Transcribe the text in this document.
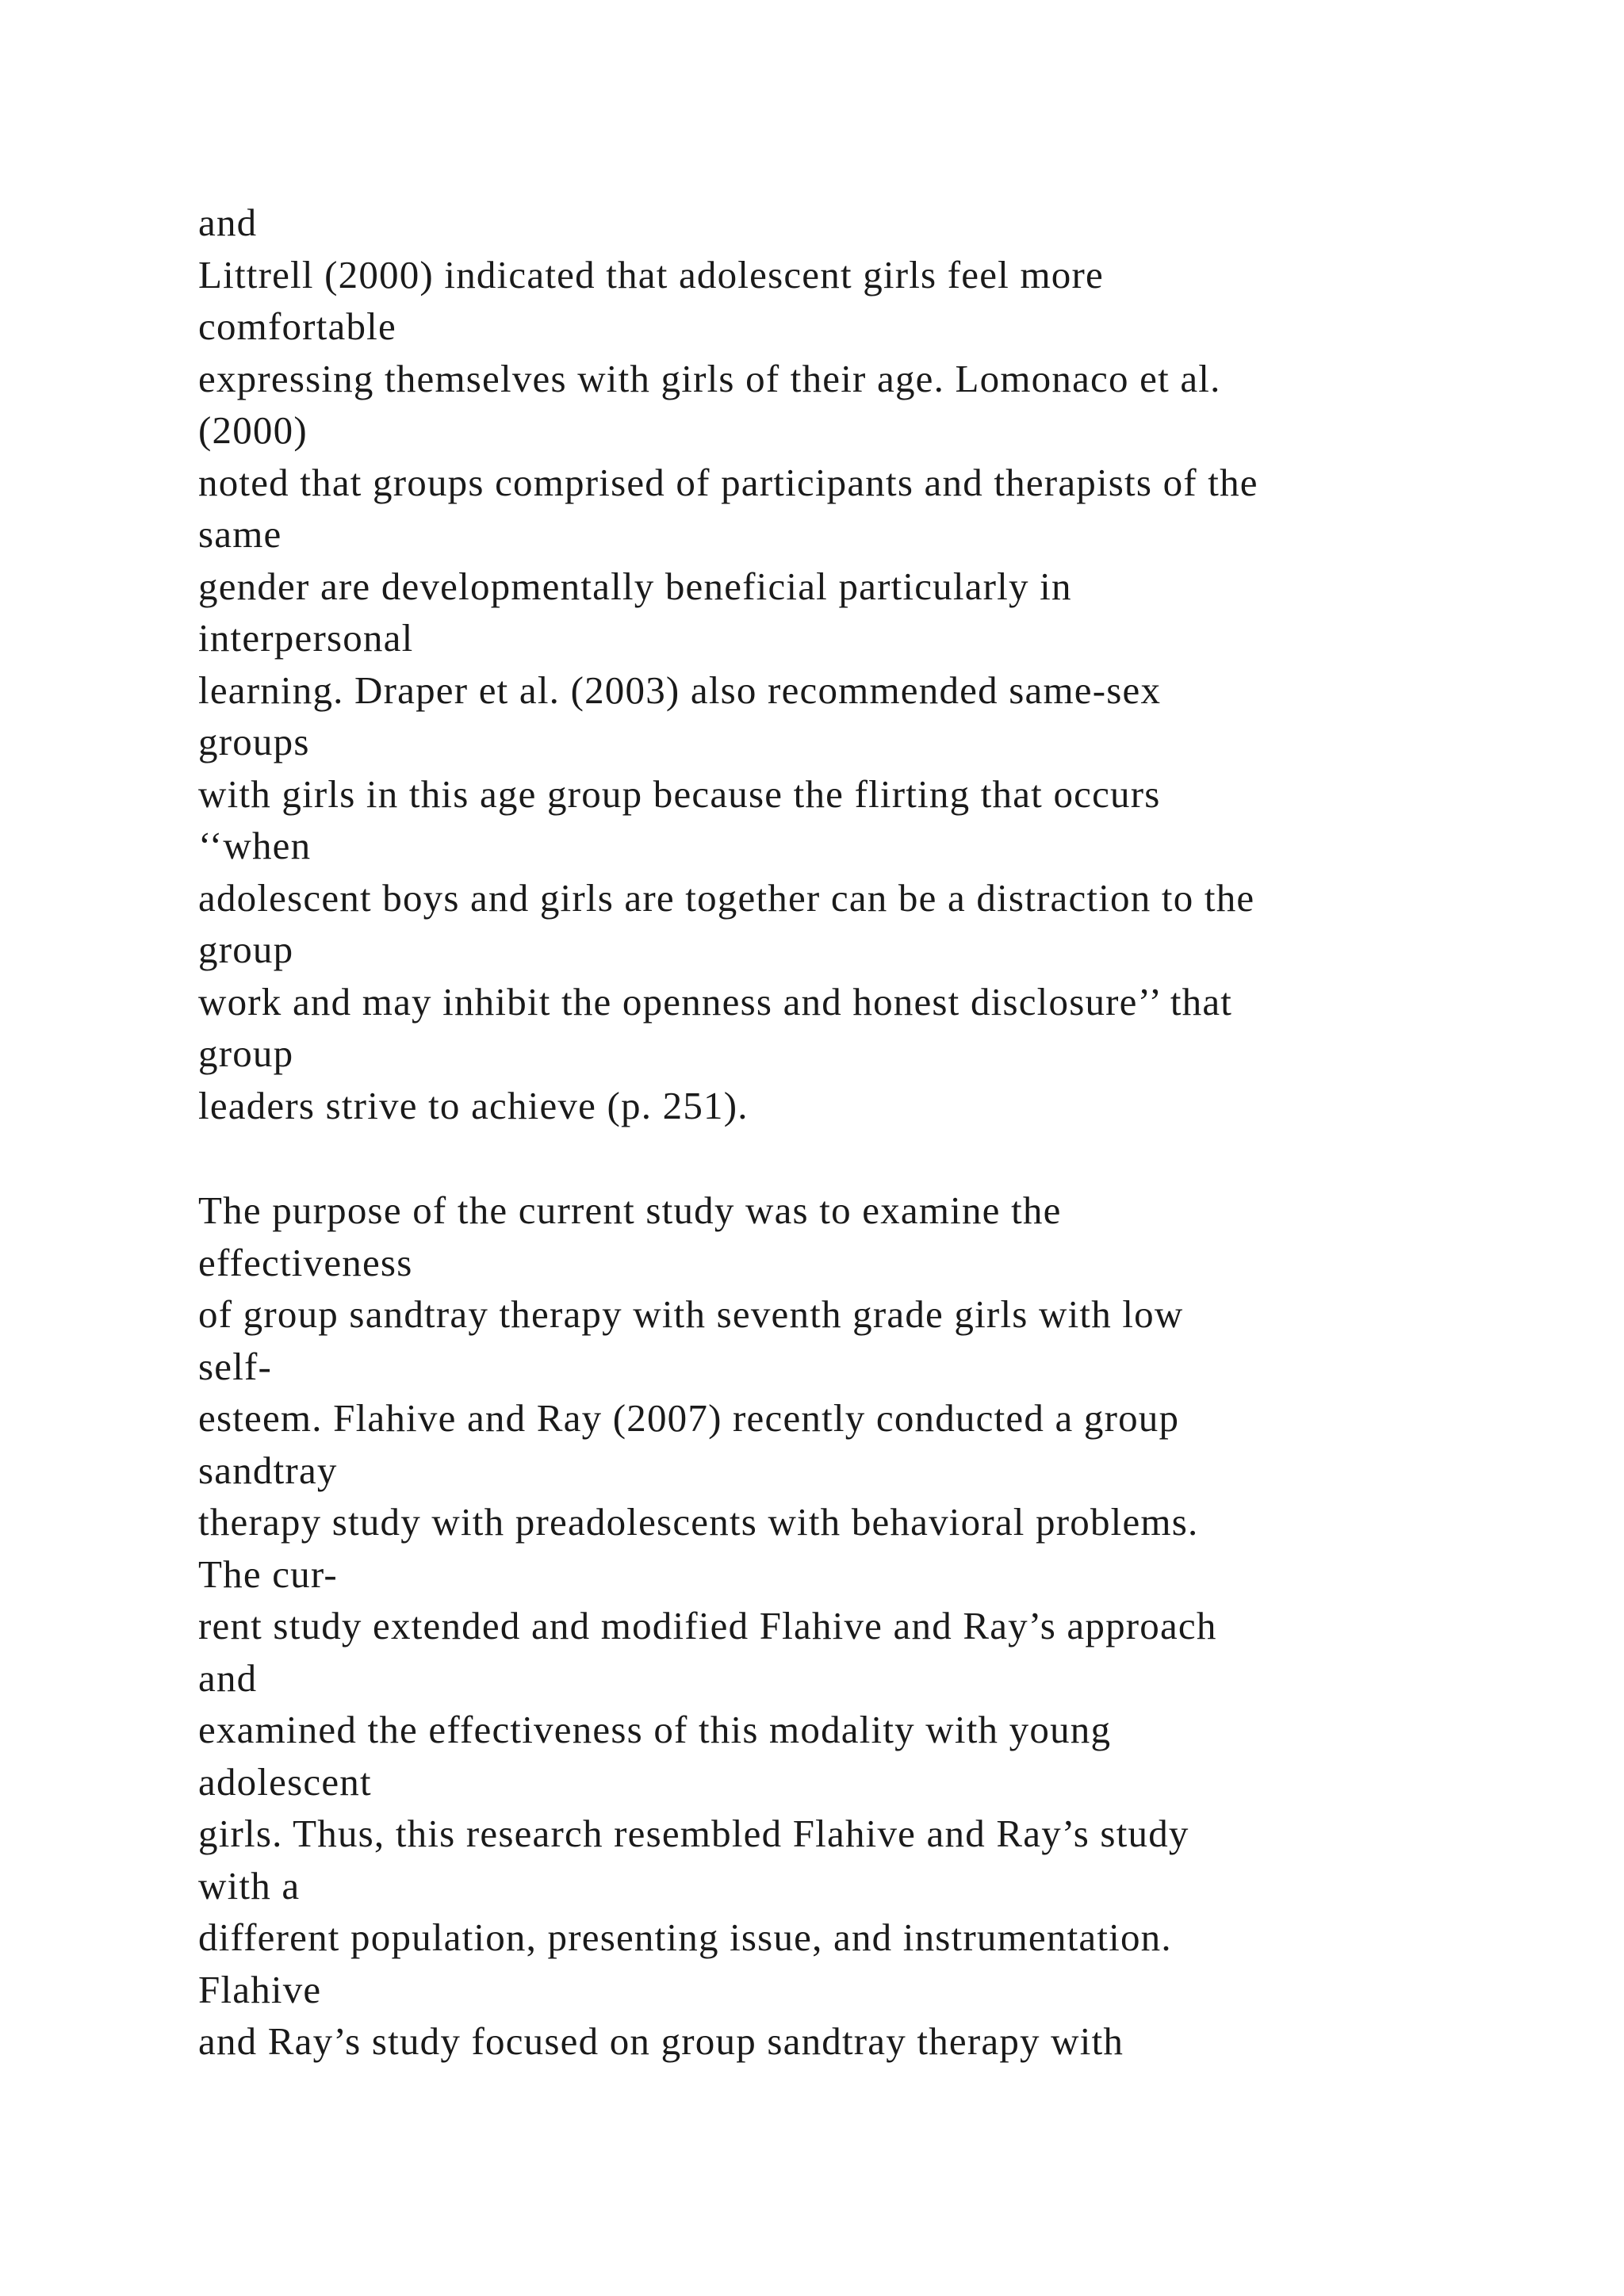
and
Littrell (2000) indicated that adolescent girls feel more
comfortable
expressing themselves with girls of their age. Lomonaco et al.
(2000)
noted that groups comprised of participants and therapists of the
same
gender are developmentally beneficial particularly in
interpersonal
learning. Draper et al. (2003) also recommended same-sex
groups
with girls in this age group because the flirting that occurs
‘‘when
adolescent boys and girls are together can be a distraction to the
group
work and may inhibit the openness and honest disclosure’’ that
group
leaders strive to achieve (p. 251).
The purpose of the current study was to examine the
effectiveness
of group sandtray therapy with seventh grade girls with low
self-
esteem. Flahive and Ray (2007) recently conducted a group
sandtray
therapy study with preadolescents with behavioral problems.
The cur-
rent study extended and modified Flahive and Ray’s approach
and
examined the effectiveness of this modality with young
adolescent
girls. Thus, this research resembled Flahive and Ray’s study
with a
different population, presenting issue, and instrumentation.
Flahive
and Ray’s study focused on group sandtray therapy with
